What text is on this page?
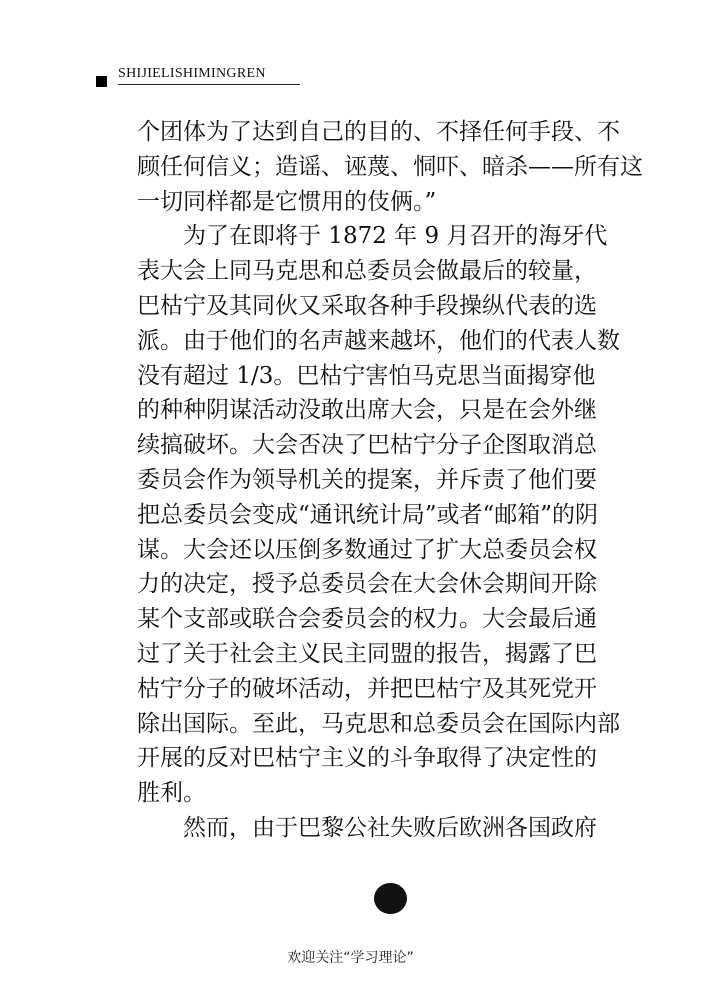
SHIJIELISHIMINGREN
个团体为了达到自己的目的、不择任何手段、不
顾任何信义；造谣、诬蔑、恫吓、暗杀——所有这
一切同样都是它惯用的伎俩。”
为了在即将于 1872 年 9 月召开的海牙代
表大会上同马克思和总委员会做最后的较量，
巴枯宁及其同伙又采取各种手段操纵代表的选
派。由于他们的名声越来越坏，他们的代表人数
没有超过 1/3。巴枯宁害怕马克思当面揭穿他
的种种阴谋活动没敢出席大会，只是在会外继
续搞破坏。大会否决了巴枯宁分子企图取消总
委员会作为领导机关的提案，并斥责了他们要
把总委员会变成“通讯统计局”或者“邮箱”的阴
谋。大会还以压倒多数通过了扩大总委员会权
力的决定，授予总委员会在大会休会期间开除
某个支部或联合会委员会的权力。大会最后通
过了关于社会主义民主同盟的报告，揭露了巴
枯宁分子的破坏活动，并把巴枯宁及其死党开
除出国际。至此，马克思和总委员会在国际内部
开展的反对巴枯宁主义的斗争取得了决定性的
胜利。
然而，由于巴黎公社失败后欧洲各国政府
欢迎关注“学习理论”
